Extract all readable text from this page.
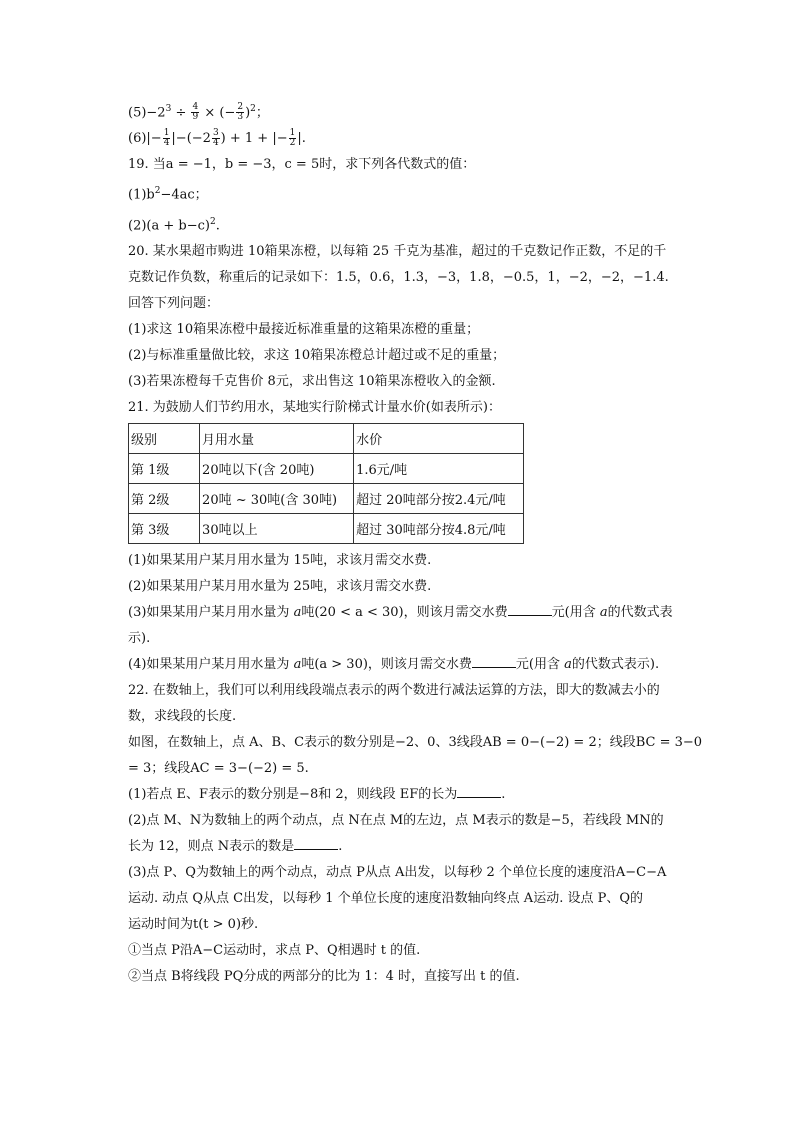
$(5)-2^3 \div \frac{4}{9}$ × (− $\frac{2}{3} )^2$；
$(6)|- \frac{1}{4} |-(-2 \frac{3}{4}$ ) + 1 + |− $\frac{1}{2}$ |.
19. 当a = −1，b = −3，c = 5时，求下列各代数式的值：
$(1)b^2-4ac$；
$(2)(a + b-c)^2$.
20. 某水果超市购进 10箱果冻橙，以每箱 25 千克为基准，超过的千克数记作正数，不足的千
克数记作负数，称重后的记录如下：1.5，0.6，1.3，−3，1.8，−0.5，1，−2，−2，−1.4.
回答下列问题：
(1)求这 10箱果冻橙中最接近标准重量的这箱果冻橙的重量；
(2)与标准重量做比较，求这 10箱果冻橙总计超过或不足的重量；
(3)若果冻橙每千克售价 8元，求出售这 10箱果冻橙收入的金额.
21. 为鼓励人们节约用水，某地实行阶梯式计量水价(如表所示)：
级别	月用水量	水价
第 1级	20吨以下(含 20吨)	1.6元/吨
第 2级	20吨 ~ 30吨(含 30吨)	超过 20吨部分按2.4元/吨
第 3级	30吨以上	超过 30吨部分按4.8元/吨
(1)如果某用户某月用水量为 15吨，求该月需交水费.
(2)如果某用户某月用水量为 25吨，求该月需交水费.
(3)如果某用户某月用水量为 a吨(20 < a < 30)，则该月需交水费	元(用含 a的代数式表
示).
(4)如果某用户某月用水量为 a吨(a > 30)，则该月需交水费	元(用含 a的代数式表示).
22. 在数轴上，我们可以利用线段端点表示的两个数进行减法运算的方法，即大的数减去小的
数，求线段的长度.
如图，在数轴上，点 A、B、C表示的数分别是−2、0、3线段AB = 0−(−2) = 2；线段BC = 3−0
= 3；线段AC = 3−(−2) = 5.
(1)若点 E、F表示的数分别是−8和 2，则线段 EF的长为	.
(2)点 M、N为数轴上的两个动点，点 N在点 M的左边，点 M表示的数是−5，若线段 MN的
长为 12，则点 N表示的数是	.
(3)点 P、Q为数轴上的两个动点，动点 P从点 A出发，以每秒 2 个单位长度的速度沿A−C−A
运动. 动点 Q从点 C出发，以每秒 1 个单位长度的速度沿数轴向终点 A运动. 设点 P、Q的
运动时间为t(t > 0)秒.
①当点 P沿A−C运动时，求点 P、Q相遇时 t 的值.
②当点 B将线段 PQ分成的两部分的比为 1：4 时，直接写出 t 的值.
